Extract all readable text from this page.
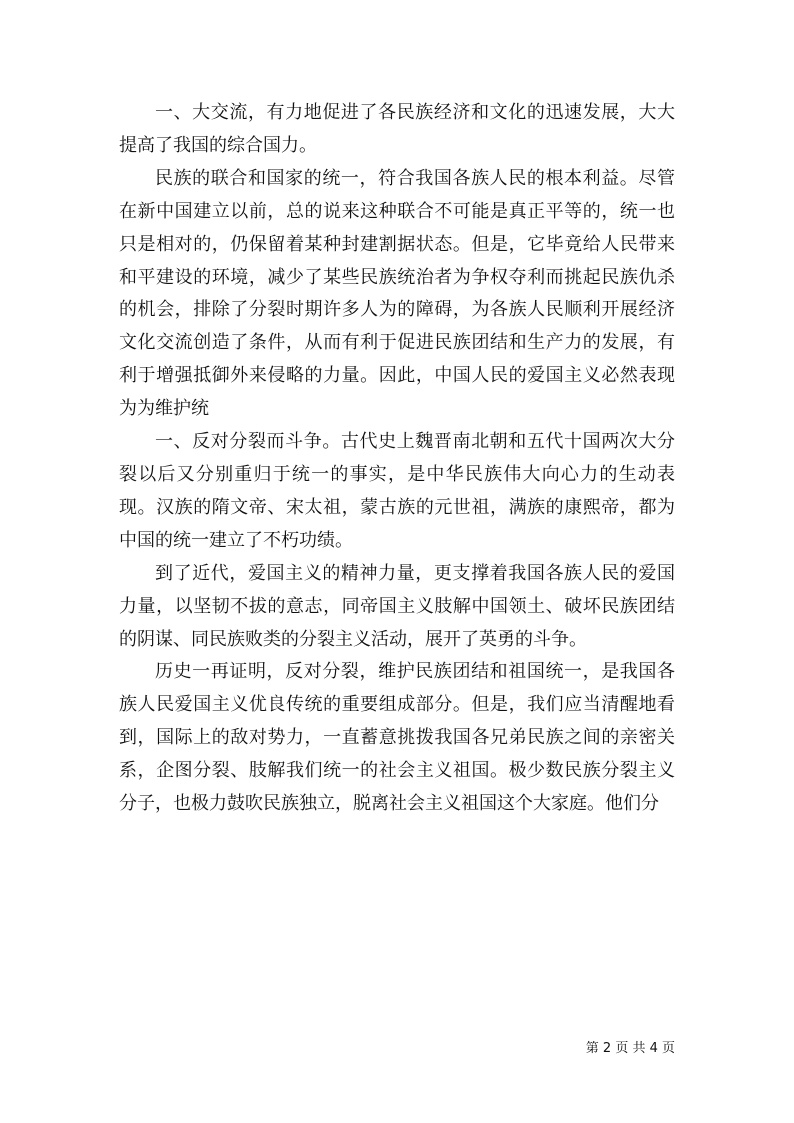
一、大交流，有力地促进了各民族经济和文化的迅速发展，大大提高了我国的综合国力。

民族的联合和国家的统一，符合我国各族人民的根本利益。尽管在新中国建立以前，总的说来这种联合不可能是真正平等的，统一也只是相对的，仍保留着某种封建割据状态。但是，它毕竟给人民带来和平建设的环境，减少了某些民族统治者为争权夺利而挑起民族仇杀的机会，排除了分裂时期许多人为的障碍，为各族人民顺利开展经济文化交流创造了条件，从而有利于促进民族团结和生产力的发展，有利于增强抵御外来侵略的力量。因此，中国人民的爱国主义必然表现为为维护统

一、反对分裂而斗争。古代史上魏晋南北朝和五代十国两次大分裂以后又分别重归于统一的事实，是中华民族伟大向心力的生动表现。汉族的隋文帝、宋太祖，蒙古族的元世祖，满族的康熙帝，都为中国的统一建立了不朽功绩。

到了近代，爱国主义的精神力量，更支撑着我国各族人民的爱国力量，以坚韧不拔的意志，同帝国主义肢解中国领土、破坏民族团结的阴谋、同民族败类的分裂主义活动，展开了英勇的斗争。

历史一再证明，反对分裂，维护民族团结和祖国统一，是我国各族人民爱国主义优良传统的重要组成部分。但是，我们应当清醒地看到，国际上的敌对势力，一直蓄意挑拨我国各兄弟民族之间的亲密关系，企图分裂、肢解我们统一的社会主义祖国。极少数民族分裂主义分子，也极力鼓吹民族独立，脱离社会主义祖国这个大家庭。他们分

第 2 页 共 4 页
